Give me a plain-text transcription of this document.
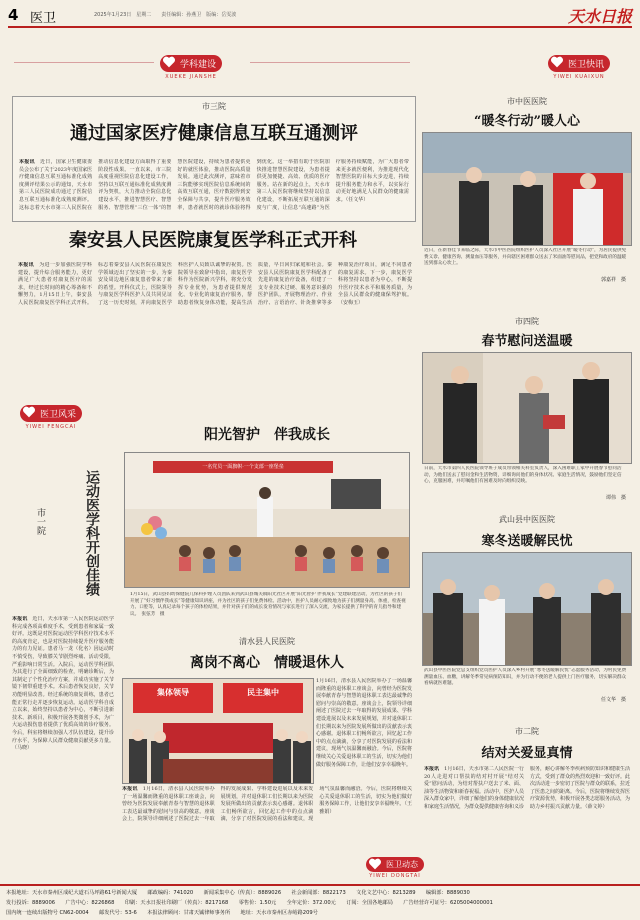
4 医卫	2025年1月23日　星期二　　责任编辑：孙燕卫　版编：岳雯波	天水日报
学科建设
XUEKE JIANSHE
市三院
通过国家医疗健康信息互联互通测评
本报讯　 近日，国家卫生健康委员会公布了关于2023年度国家医疗健康信息互联互通标准化成熟度测评结果公示的通知，天水市第三人民医院成功通过了医院信息互联互通标准化成熟度测评。这标志着天水市第三人民医院在推动信息化建设方面取得了重要阶段性成果。一直以来，市三院高度重视医院信息化建设工作，坚持以互联互通标准化成熟度测评为契机，大力推动全院信息化建设水平，推进智慧医疗、智慧服务、智慧管理“三位一体”的智慧医院建设，持续为患者提供更好的就医体验，推动医院高质量发展。通过此次测评，意味着市三院能够实现医院信息系统间的高效互联互通，医疗数据得到安全保障与共享，提升医疗服务效率，患者就医时的就诊体验将得到优化。这一举措有助于医院加快推进智慧医院建设，为患者提供更加便捷、高效、优质的医疗服务。站在新的起点上，天水市第三人民医院将继续坚持以信息化建设，不断拓展互联互通的深度与广度，让信息“高速路”为医疗服务持续赋能，为广大患者带来更多就医便利，为推进现代化智慧医院的目标大步迈进，持续提升服务能力和水平，以实际行动更好地满足人民群众的健康需求。（任文华）
秦安县人民医院康复医学科正式开科
本报讯　 为进一步加强医院学科建设，提升综合服务能力，更好满足广大患者对康复医疗的需求，经过长时间的精心筹备和不懈努力，1月15日上午，秦安县人民医院康复医学科正式开科。标志着秦安县人民医院在康复医学领域迈出了坚实的一步，为秦安及周边地区康复患者带来了新的希望。开科仪式上，医院领导与康复医学科医护人员共同见证了这一历史时刻，并向康复医学科医护人员致以诚挚的祝贺。医院领导在致辞中指出，康复医学科作为医院新兴学科，将充分发挥专业优势，为患者提供规范化、专业化的康复治疗服务，帮助患者恢复身体功能，提高生活质量，早日回归家庭和社会。秦安县人民医院康复医学科配备了先进的康复治疗设备，组建了一支专业技术过硬、服务意识强的医护团队，开展物理治疗、作业治疗、言语治疗、针灸推拿等多种康复治疗项目，满足不同患者的康复需求。下一步，康复医学科将坚持以患者为中心，不断提升医疗技术水平和服务质量，为全县人民群众的健康保驾护航。（安梅玉）
医卫风采
YIWEI FENGCAI
运动医学科开创佳绩
市一院
本报讯　 近日，天水市第一人民医院运动医学科完成各项高难度手术，受到患者和家属一致好评。这既是对医院运动医学科医疗技术水平的高度肯定，也是对医院持续提升医疗服务能力的有力见证。患者马一龙（化名）因运动时不慎受伤，导致膝关节剧烈疼痛、活动受限，严重影响日常生活。入院后，运动医学科团队为其进行了全面细致的检查，明确诊断后，为其制定了个性化治疗方案，并成功实施了关节镜下韧带重建手术。术后患者恢复良好，关节功能明显改善。经过系统的康复训练，患者已能正常行走并逐步恢复运动。运动医学科自成立以来，始终坚持以患者为中心，不断引进新技术、新项目，积极开展各类微创手术，为广大运动损伤患者提供了优质高效的诊疗服务。今后，科室将继续加强人才队伍建设，提升诊疗水平，为保障人民群众健康贡献更多力量。（马晓）
阳光智护　伴我成长
一名党员一面旗帜·一个支部一座堡垒
1月15日，武山县妇幼保健院儿保科护理人员团队来到武山县城关镇阳光社区开展“阳光智护 伴我成长”党建联建活动，为社区的孩子们开展了“好习惯伴我成长”等健康知识讲座，并为社区的孩子们免费体检。活动中，医护人员耐心细致地为孩子们测量身高、体重，检查视力、口腔等，认真记录每个孩子的体检结果，并针对孩子们的成长发育情况与家长进行了深入交流，为家长提供了科学的育儿指导和建议。　 张弦芳　摄
清水县人民医院
离岗不离心　情暖退休人
集体领导	民主集中
1月16日，清水县人民医院举办了一场温馨而隆重的退休职工座谈会，向曾经为医院发展奉献青春与智慧的退休职工表达最诚挚的慰问与崇高的敬意。座谈会上，院领导详细阐述了医院过去一年取得的发展成果、学科建设进展以及未来发展规划，并对退休职工们长期以来为医院发展所做出的贡献表示衷心感谢。退休职工们畅所欲言，回忆起工作中的点点滴滴，分享了对医院发展的看法和建议，现场气氛温馨而融洽。今后，医院将继续关心关爱退休职工的生活，切实为他们做好服务保障工作，让他们安享幸福晚年。
本报讯　 1月16日，清水县人民医院举办了一场温馨而隆重的退休职工座谈会，向曾经为医院发展奉献青春与智慧的退休职工表达最诚挚的慰问与崇高的敬意。座谈会上，院领导详细阐述了医院过去一年取得的发展成果、学科建设进展以及未来发展规划，并对退休职工们长期以来为医院发展所做出的贡献表示衷心感谢。退休职工们畅所欲言，回忆起工作中的点点滴滴，分享了对医院发展的看法和建议，现场气氛温馨而融洽。今后，医院将继续关心关爱退休职工的生活，切实为他们做好服务保障工作，让他们安享幸福晚年。（王雅娟）
医卫动态
YIWEI DONGTAI
医卫快讯
YIWEI KUAIXUN
市中医医院
“暖冬行动”暖人心
近日，在新春佳节来临之际，天水市中医医院组织医护人员深入社区开展“暖冬行动”，为居民提供免费义诊、健康咨询、测量血压等服务，并向辖区困难群众送去了米面油等慰问品，把党和政府的温暖送到群众心坎上。
郭嘉祥　摄
市四院
春节慰问送温暖
日前，天水市第四人民医院领导班子成员带领相关科室负责人，深入困难职工家中开展春节慰问活动，为他们送去了慰问金和生活物资，详细询问他们的身体状况、家庭生活情况，鼓励他们坚定信心，克服困难，并叮嘱他们有困难及时向组织反映。
谭伟　摄
武山县中医医院
寒冬送暖解民忧
武山县中医医院党总支组织党员医护人员深入乡村开展“寒冬送暖解民忧”志愿服务活动，为村民免费测量血压、血糖，讲解冬季常见病预防知识，并为行动不便的老人提供上门医疗服务，切实解决群众看病就医难题。
任文华　摄
市二院
结对关爱显真情
本报讯　 1月16日，天水市第二人民医院一行20人走进对口帮扶的结对村开展“结对关爱”慰问活动，为结对帮扶户送去了米、面、油等生活物资和新春祝福。活动中，医护人员深入群众家中，详细了解他们的身体健康状况和家庭生活情况，为群众提供健康咨询和义诊服务，耐心讲解冬季疾病预防知识和健康生活方式，受到了群众的热烈欢迎和一致好评。此次活动进一步密切了医院与群众的联系，拉近了医患之间的距离。今后，医院将继续发挥医疗资源优势，积极开展各类志愿服务活动，为助力乡村振兴贡献力量。（薛文婷）
本报地址：天水市秦州区成纪大道石马坪路61号新闻大厦　　邮政编码：741020　　新闻采集中心（传真）：8889026　　社会新闻部：8822173　　文化文艺中心：8213289　　编辑部：8889030
发行投诉：8889006　　广告中心：8226868　　印刷：天水日报社印刷厂（传真）：8217168　　零售价：1.50元　　全年定价：372.00元　　订阅：全国各地邮局　　广告经营许可证号：6205004000001
国内统一连续出版物号 CN62-0004　　邮发代号：53-6　　本报法律顾问：甘肃天铖律师事务所　　地址：天水市秦州区赤峪路209号
